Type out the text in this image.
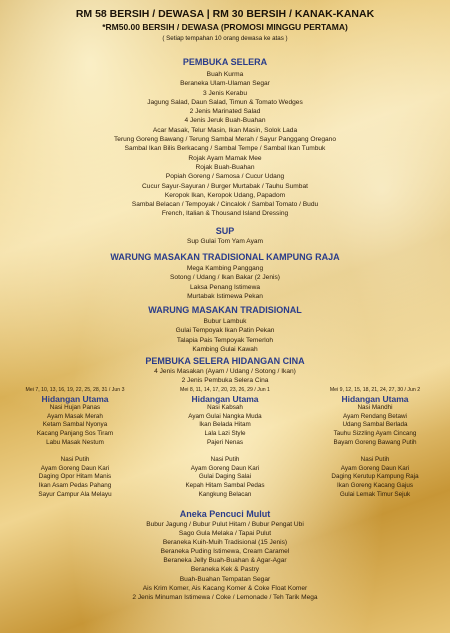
RM 58 BERSIH / DEWASA | RM 30 BERSIH / KANAK-KANAK
*RM50.00 BERSIH / DEWASA (PROMOSI MINGGU PERTAMA)
( Setiap tempahan 10 orang dewasa ke atas )
PEMBUKA SELERA
Buah Kurma
Beraneka Ulam-Ulaman Segar
3 Jenis Kerabu
Jagung Salad, Daun Salad, Timun & Tomato Wedges
2 Jenis Marinated Salad
4 Jenis Jeruk Buah-Buahan
Acar Masak, Telur Masin, Ikan Masin, Solok Lada
Terung Goreng Bawang / Terung Sambal Merah / Sayur Panggang Oregano
Sambal Ikan Bilis Berkacang / Sambal Tempe / Sambal Ikan Tumbuk
Rojak Ayam Mamak Mee
Rojak Buah-Buahan
Popiah Goreng / Samosa / Cucur Udang
Cucur Sayur-Sayuran / Burger Murtabak / Tauhu Sumbat
Keropok Ikan, Keropok Udang, Papadom
Sambal Belacan / Tempoyak / Cincalok / Sambal Tomato / Budu
French, Italian & Thousand Island Dressing
SUP
Sup Gulai Tom Yam Ayam
WARUNG MASAKAN TRADISIONAL KAMPUNG RAJA
Mega Kambing Panggang
Sotong / Udang / Ikan Bakar (2 Jenis)
Laksa Penang Istimewa
Murtabak Istimewa Pekan
WARUNG MASAKAN TRADISIONAL
Bubur Lambuk
Gulai Tempoyak Ikan Patin Pekan
Talapia Pais Tempoyak Temerloh
Kambing Gulai Kawah
PEMBUKA SELERA HIDANGAN CINA
4 Jenis Masakan (Ayam / Udang / Sotong / Ikan)
2 Jenis Pembuka Selera Cina
Mei 7, 10, 13, 16, 19, 22, 25, 28, 31 / Jun 3
Hidangan Utama
Nasi Hujan Panas
Ayam Masak Merah
Ketam Sambal Nyonya
Kacang Panjang Sos Tiram
Labu Masak Nestum
Nasi Putih
Ayam Goreng Daun Kari
Daging Opor Hitam Manis
Ikan Asam Pedas Pahang
Sayur Campur Ala Melayu
Mei 8, 11, 14, 17, 20, 23, 26, 29 / Jun 1
Hidangan Utama
Nasi Kabsah
Ayam Gulai Nangka Muda
Ikan Belada Hitam
Lala Lazi Style
Pajeri Nenas
Nasi Putih
Ayam Goreng Daun Kari
Gulai Daging Salai
Kepah Hitam Sambal Pedas
Kangkung Belacan
Mei 9, 12, 15, 18, 21, 24, 27, 30 / Jun 2
Hidangan Utama
Nasi Mandhi
Ayam Rendang Betawi
Udang Sambal Berlada
Tauhu Sizzling Ayam Cincang
Bayam Goreng Bawang Putih
Nasi Putih
Ayam Goreng Daun Kari
Daging Kerutup Kampung Raja
Ikan Goreng Kacang Gajus
Gulai Lemak Timur Sejuk
Aneka Pencuci Mulut
Bubur Jagung / Bubur Pulut Hitam / Bubur Pengat Ubi
Sago Gula Melaka / Tapai Pulut
Beraneka Kuih-Muih Tradisional (15 Jenis)
Beraneka Puding Istimewa, Cream Caramel
Beraneka Jelly Buah-Buahan & Agar-Agar
Beraneka Kek & Pastry
Buah-Buahan Tempatan Segar
Ais Krim Komer, Ais Kacang Komer & Coke Float Komer
2 Jenis Minuman Istimewa / Coke / Lemonade / Teh Tarik Mega
